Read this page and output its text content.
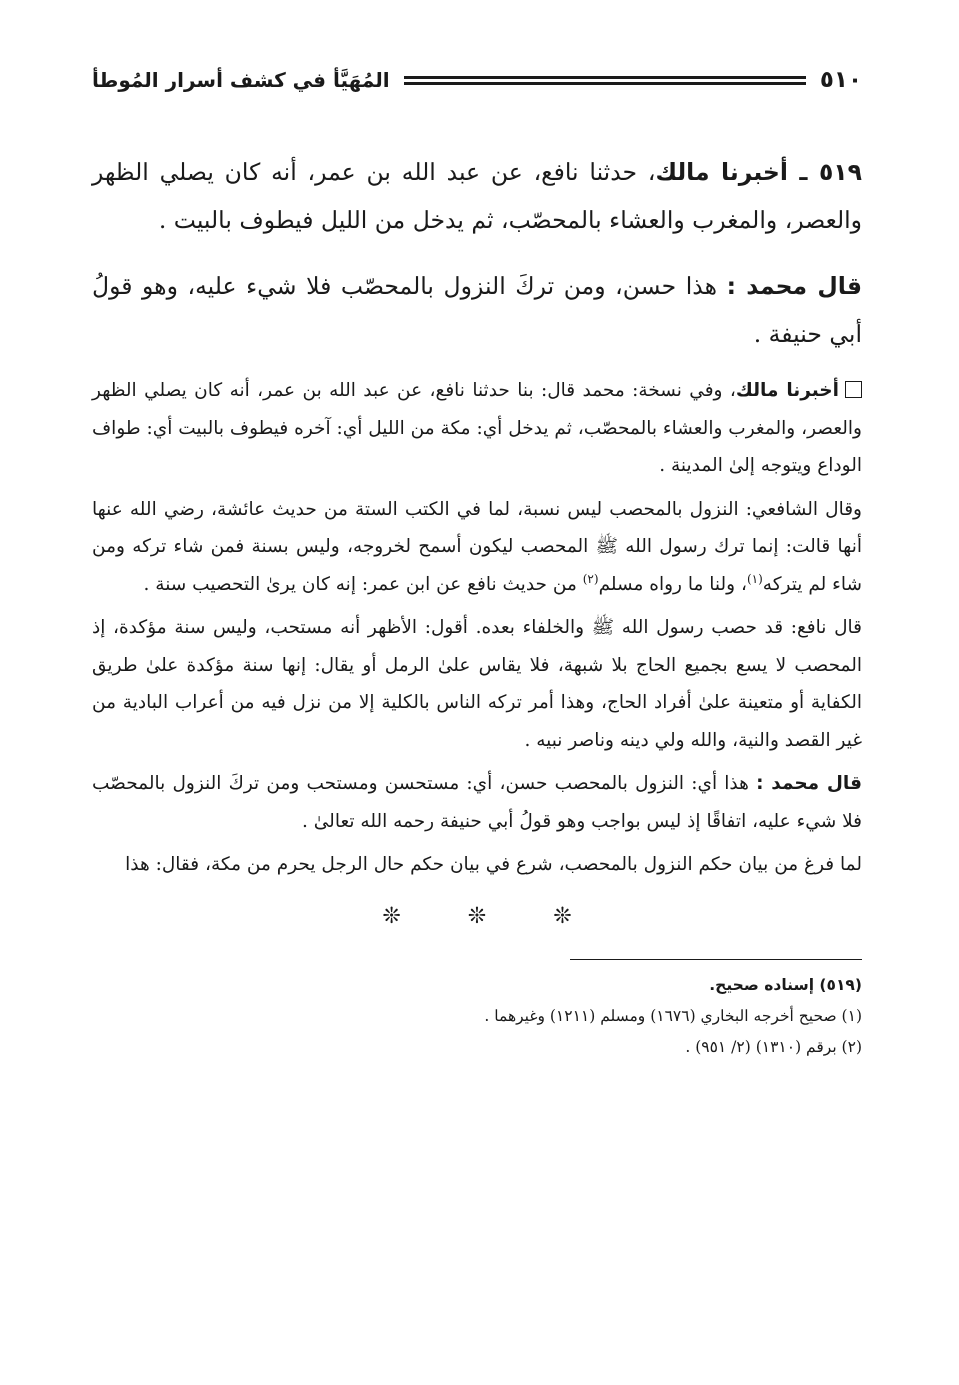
٥١٠
المُهَيَّأ في كشف أسرار المُوطأ

٥١٩ ـ أخبرنا مالك، حدثنا نافع، عن عبد الله بن عمر، أنه كان يصلي الظهر والعصر، والمغرب والعشاء بالمحصّب، ثم يدخل من الليل فيطوف بالبيت .

قال محمد : هذا حسن، ومن تركَ النزول بالمحصّب فلا شيء عليه، وهو قولُ أبي حنيفة .

أخبرنا مالك، وفي نسخة: محمد قال: بنا حدثنا نافع، عن عبد الله بن عمر، أنه كان يصلي الظهر والعصر، والمغرب والعشاء بالمحصّب، ثم يدخل أي: مكة من الليل أي: آخره فيطوف بالبيت أي: طواف الوداع ويتوجه إلىٰ المدينة .

وقال الشافعي: النزول بالمحصب ليس نسبة، لما في الكتب الستة من حديث عائشة، رضي الله عنها أنها قالت: إنما ترك رسول الله ﷺ المحصب ليكون أسمح لخروجه، وليس بسنة فمن شاء تركه ومن شاء لم يتركه$^{(١)}$، ولنا ما رواه مسلم$^{(٢)}$ من حديث نافع عن ابن عمر: إنه كان يرىٰ التحصيب سنة .

قال نافع: قد حصب رسول الله ﷺ والخلفاء بعده. أقول: الأظهر أنه مستحب، وليس سنة مؤكدة، إذ المحصب لا يسع بجميع الحاج بلا شبهة، فلا يقاس علىٰ الرمل أو يقال: إنها سنة مؤكدة علىٰ طريق الكفاية أو متعينة علىٰ أفراد الحاج، وهذا أمر تركه الناس بالكلية إلا من نزل فيه من أعراب البادية من غير القصد والنية، والله ولي دينه وناصر نبيه .

قال محمد : هذا أي: النزول بالمحصب حسن، أي: مستحسن ومستحب ومن تركَ النزول بالمحصّب فلا شيء عليه، اتفاقًا إذ ليس بواجب وهو قولُ أبي حنيفة رحمه الله تعالىٰ .

لما فرغ من بيان حكم النزول بالمحصب، شرع في بيان حكم حال الرجل يحرم من مكة، فقال: هذا

❊ ❊ ❊

(٥١٩) إسناده صحيح.

(١) صحيح أخرجه البخاري (١٦٧٦) ومسلم (١٢١١) وغيرهما .

(٢) برقم (١٣١٠) (٢/ ٩٥١) .
